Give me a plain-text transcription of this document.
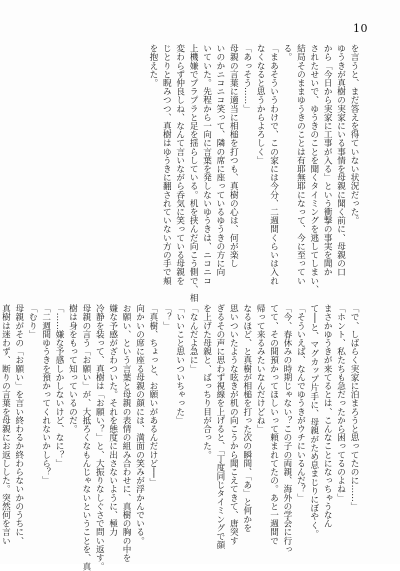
10
を言うと、まだ答えを得ていない状況だった。
ゆうきが真樹の実家にいる事情を母親に聞く前に、母親の口
から「今日から実家に工事が入る」という衝撃の事実を聞か
されたせいで、ゆうきのことを聞くタイミングを逃してしまい、
結局そのままゆうきのことは有耶無耶になって、今に至ってい
る。
「まあそういうわけで、この家には今分、二週間くらいは入れ
なくなると思うからよろしく」
「あっそう……」
母親の言葉に適当に相槌を打つも、真樹の心は、何が楽し
いのかニコニコ笑って、隣の席に座っているゆうきの方に向
いていた。先程から一向に言葉を発しないゆうきは、ニコニコ
上機嫌でプラプラと足を揺らしている。机を挟んだ向こう側で、相
変わらず仲良しね、なんて言いながら呑気に笑っている母親を
じとりと睨みつつ、真樹はゆうきに翻されていない方の手で頬
を抱えた。
「で、しばらく実家に泊まろうと思ってたのに……」
「ホント、私たちも急だったから困ってるのよね」
まさかゆうきが来てるとは、こんなことになっちゃうなん
て──と、マグカップ片手に、母親がため息まじりにぼやく。
「そういえば、なんでゆうきがウチにいるんだ？」
「今、春休みの時期じゃない？この子の両親、海外の学会に行っ
てて、その間預かってほしいって頼まれてたの。あと一週間で
帰って来るみたいなんだけどね」
なるほど、と真樹が相槌を打った次の瞬間、「あ」と何かを
思いついたような呟きが机の向こうから聞こえてきて、唐突す
ぎるその声に思わず視線を上げると、「丁度同じタイミングで顔
を上げた母親と、ばっちり目が合った。
「なんだよ急に」
「いいこと思いついちゃった」
「？」
「真樹、ちょっと、お願いがあるんだけど──」
向かいの席に座る母親の顔には、満面の笑みが浮かんでいる。
お願い、という言葉と母親の表情の組み合わせに、真樹の胸の中を
嫌な予感がざわついた。それを態度に出さないように、極力
冷静を装って、真樹は「お願い？」と、大振りなしぐさで問い返す。
母親の言う「お願い」が、大抵ろくなもんじゃないということを、真
樹は身をもって知っているのだ。
「……嫌な予感しかしないけど、なに？」
「二週間ゆうきを預かってくれないかしら？」
「むり」
母親がその「お願い」を言い終わるか終わらないかのうちに、
真樹は迷わず、断りの言葉を母親にお返しした。突然何を言い
